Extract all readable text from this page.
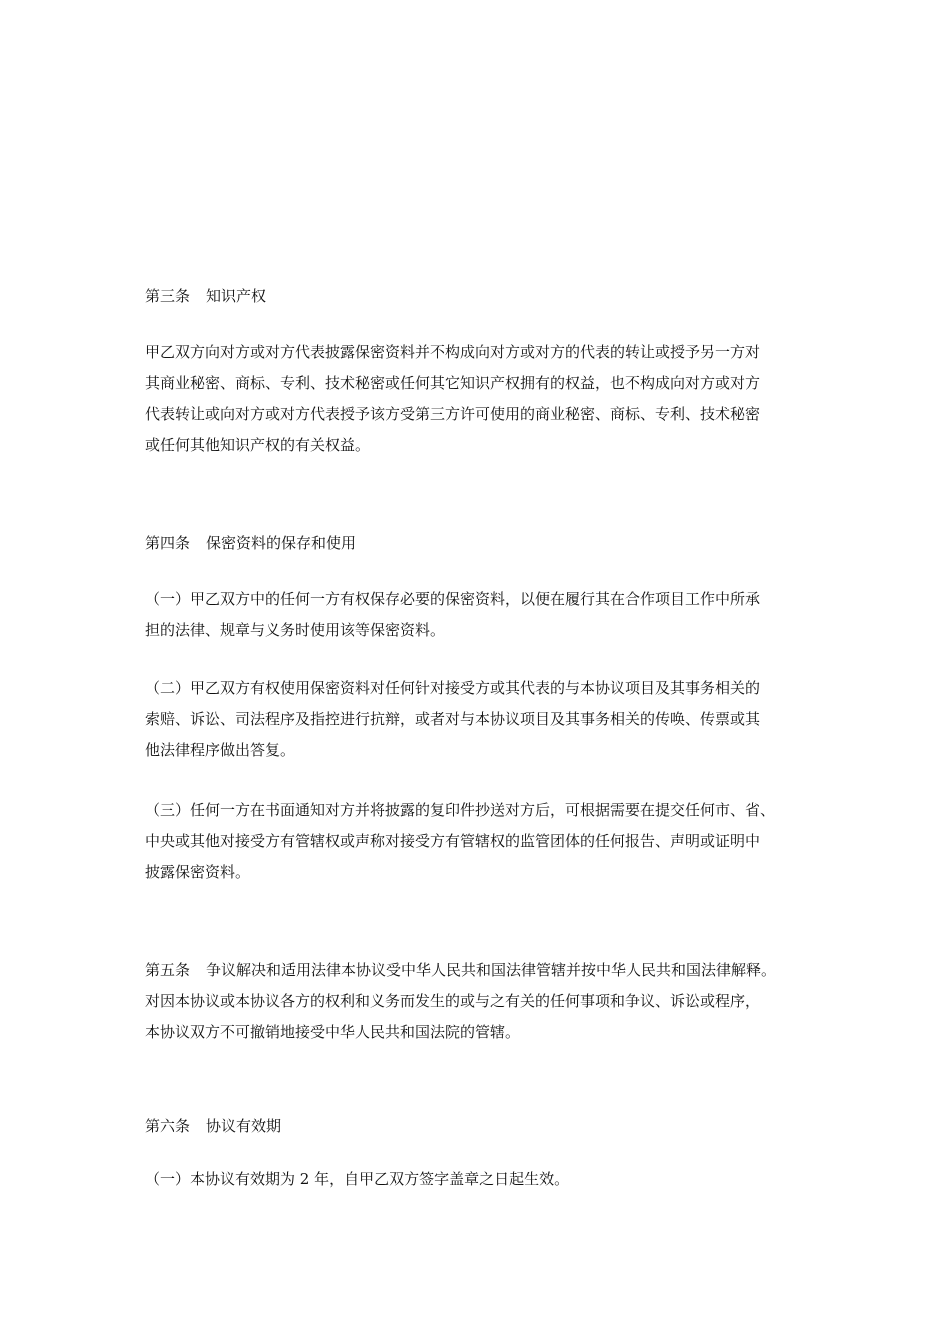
第三条 知识产权
甲乙双方向对方或对方代表披露保密资料并不构成向对方或对方的代表的转让或授予另一方对
其商业秘密、商标、专利、技术秘密或任何其它知识产权拥有的权益，也不构成向对方或对方
代表转让或向对方或对方代表授予该方受第三方许可使用的商业秘密、商标、专利、技术秘密
或任何其他知识产权的有关权益。
第四条 保密资料的保存和使用
（一）甲乙双方中的任何一方有权保存必要的保密资料，以便在履行其在合作项目工作中所承
担的法律、规章与义务时使用该等保密资料。
（二）甲乙双方有权使用保密资料对任何针对接受方或其代表的与本协议项目及其事务相关的
索赔、诉讼、司法程序及指控进行抗辩，或者对与本协议项目及其事务相关的传唤、传票或其
他法律程序做出答复。
（三）任何一方在书面通知对方并将披露的复印件抄送对方后，可根据需要在提交任何市、省、
中央或其他对接受方有管辖权或声称对接受方有管辖权的监管团体的任何报告、声明或证明中
披露保密资料。
第五条 争议解决和适用法律本协议受中华人民共和国法律管辖并按中华人民共和国法律解释。
对因本协议或本协议各方的权利和义务而发生的或与之有关的任何事项和争议、诉讼或程序，
本协议双方不可撤销地接受中华人民共和国法院的管辖。
第六条 协议有效期
（一）本协议有效期为 2 年，自甲乙双方签字盖章之日起生效。
